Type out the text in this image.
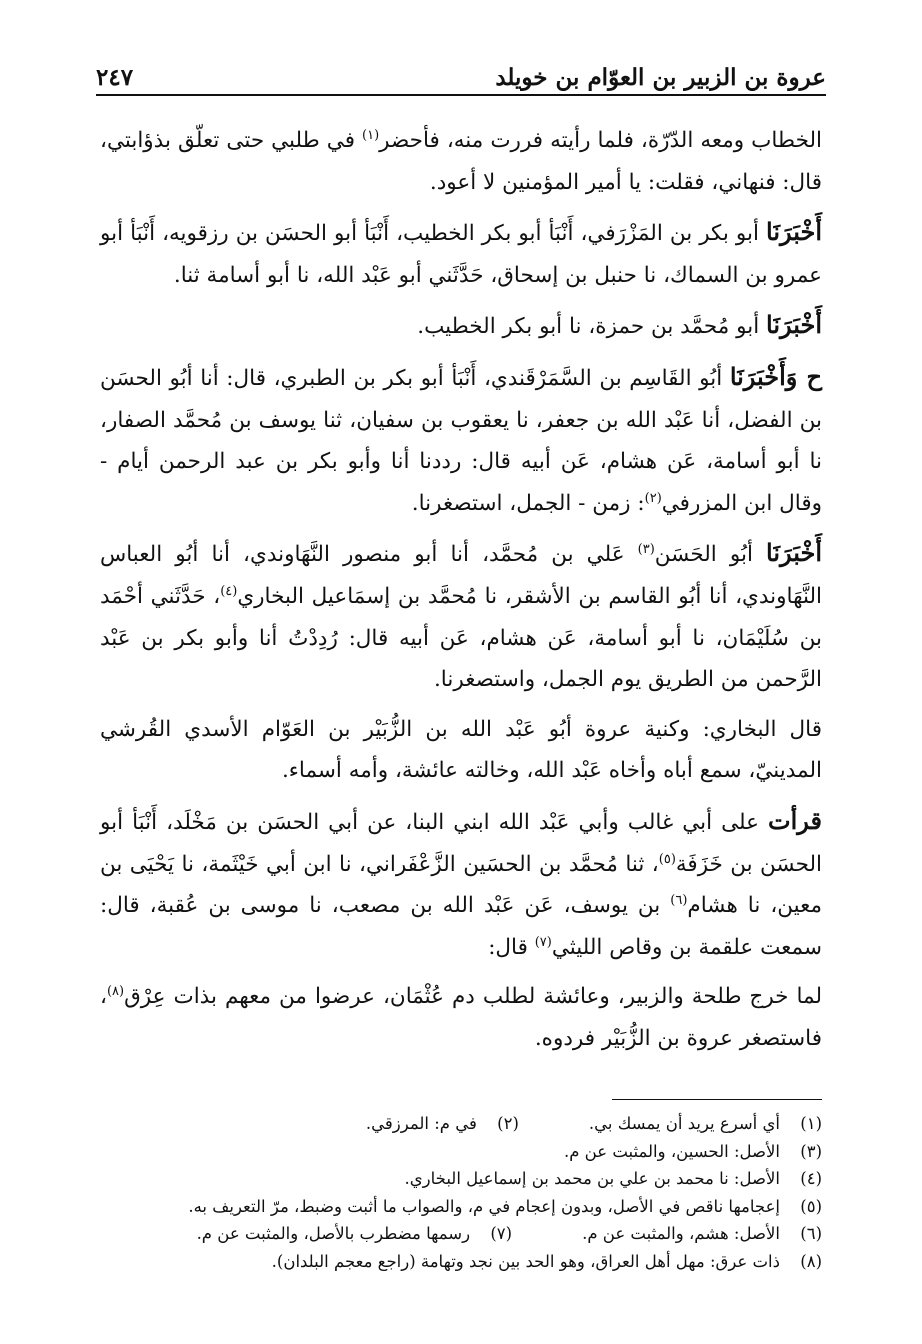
عروة بن الزبير بن العوّام بن خويلد
٢٤٧

الخطاب ومعه الدّرّة، فلما رأيته فررت منه، فأحضر$^{(١)}$ في طلبي حتى تعلّق بذؤابتي، قال: فنهاني، فقلت: يا أمير المؤمنين لا أعود.

أَخْبَرَنَا أبو بكر بن المَزْرَفي، أَنْبَأ أبو بكر الخطيب، أَنْبَأ أبو الحسَن بن رزقويه، أَنْبَأ أبو عمرو بن السماك، نا حنبل بن إسحاق، حَدَّثَني أبو عَبْد الله، نا أبو أسامة ثنا.

أَخْبَرَنَا أبو مُحمَّد بن حمزة، نا أبو بكر الخطيب.

ح وَأَخْبَرَنَا أبُو القَاسِم بن السَّمَرْقَندي، أَنْبَأ أبو بكر بن الطبري، قال: أنا أبُو الحسَن بن الفضل، أنا عَبْد الله بن جعفر، نا يعقوب بن سفيان، ثنا يوسف بن مُحمَّد الصفار، نا أبو أسامة، عَن هشام، عَن أبيه قال: رددنا أنا وأبو بكر بن عبد الرحمن أيام - وقال ابن المزرفي$^{(٢)}$: زمن - الجمل، استصغرنا.

أَخْبَرَنَا أبُو الحَسَن$^{(٣)}$ عَلي بن مُحمَّد، أنا أبو منصور النَّهَاوندي، أنا أبُو العباس النَّهَاوندي، أنا أبُو القاسم بن الأشقر، نا مُحمَّد بن إسمَاعيل البخاري$^{(٤)}$، حَدَّثَني أحْمَد بن سُلَيْمَان، نا أبو أسامة، عَن هشام، عَن أبيه قال: رُدِدْتُ أنا وأبو بكر بن عَبْد الرَّحمن من الطريق يوم الجمل، واستصغرنا.

قال البخاري: وكنية عروة أبُو عَبْد الله بن الزُّبَيْر بن العَوّام الأسدي القُرشي المدينيّ، سمع أباه وأخاه عَبْد الله، وخالته عائشة، وأمه أسماء.

قرأت على أبي غالب وأبي عَبْد الله ابني البنا، عن أبي الحسَن بن مَخْلَد، أَنْبَأ أبو الحسَن بن خَزَفَة$^{(٥)}$، ثنا مُحمَّد بن الحسَين الزَّعْفَراني، نا ابن أبي خَيْثَمة، نا يَحْيَى بن معين، نا هشام$^{(٦)}$ بن يوسف، عَن عَبْد الله بن مصعب، نا موسى بن عُقبة، قال: سمعت علقمة بن وقاص الليثي$^{(٧)}$ قال:

لما خرج طلحة والزبير، وعائشة لطلب دم عُثْمَان، عرضوا من معهم بذات عِرْق$^{(٨)}$، فاستصغر عروة بن الزُّبَيْر فردوه.

(١)
أي أسرع يريد أن يمسك بي.
(٢)
في م: المرزقي.
(٣)
الأصل: الحسين، والمثبت عن م.
(٤)
الأصل: نا محمد بن علي بن محمد بن إسماعيل البخاري.
(٥)
إعجامها ناقص في الأصل، وبدون إعجام في م، والصواب ما أثبت وضبط، مرّ التعريف به.
(٦)
الأصل: هشم، والمثبت عن م.
(٧)
رسمها مضطرب بالأصل، والمثبت عن م.
(٨)
ذات عرق: مهل أهل العراق، وهو الحد بين نجد وتهامة (راجع معجم البلدان).
